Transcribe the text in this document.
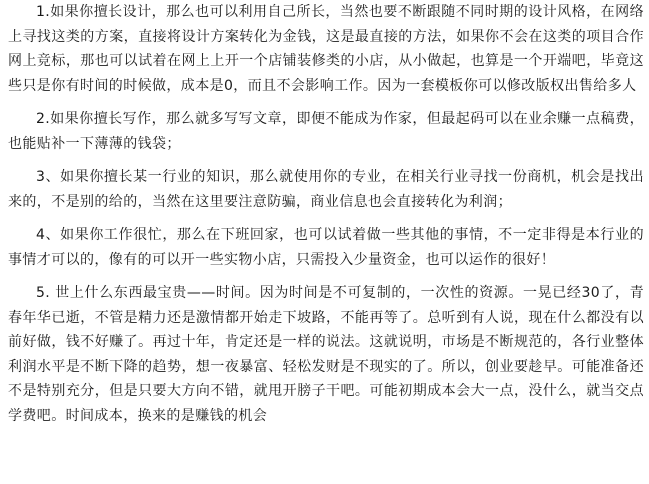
1.如果你擅长设计，那么也可以利用自己所长，当然也要不断跟随不同时期的设计风格，在网络上寻找这类的方案，直接将设计方案转化为金钱，这是最直接的方法，如果你不会在这类的项目合作网上竞标，那也可以试着在网上上开一个店铺装修类的小店，从小做起，也算是一个开端吧，毕竟这些只是你有时间的时候做，成本是0，而且不会影响工作。因为一套模板你可以修改版权出售给多人

2.如果你擅长写作，那么就多写写文章，即便不能成为作家，但最起码可以在业余赚一点稿费，也能贴补一下薄薄的钱袋；

3、如果你擅长某一行业的知识，那么就使用你的专业，在相关行业寻找一份商机，机会是找出来的，不是别的给的，当然在这里要注意防骗，商业信息也会直接转化为利润；

4、如果你工作很忙，那么在下班回家，也可以试着做一些其他的事情，不一定非得是本行业的事情才可以的，像有的可以开一些实物小店，只需投入少量资金，也可以运作的很好！

5. 世上什么东西最宝贵——时间。因为时间是不可复制的，一次性的资源。一晃已经30了，青春年华已逝，不管是精力还是激情都开始走下坡路，不能再等了。总听到有人说，现在什么都没有以前好做，钱不好赚了。再过十年，肯定还是一样的说法。这就说明，市场是不断规范的，各行业整体利润水平是不断下降的趋势，想一夜暴富、轻松发财是不现实的了。所以，创业要趁早。可能准备还不是特别充分，但是只要大方向不错，就甩开膀子干吧。可能初期成本会大一点，没什么，就当交点学费吧。时间成本，换来的是赚钱的机会
